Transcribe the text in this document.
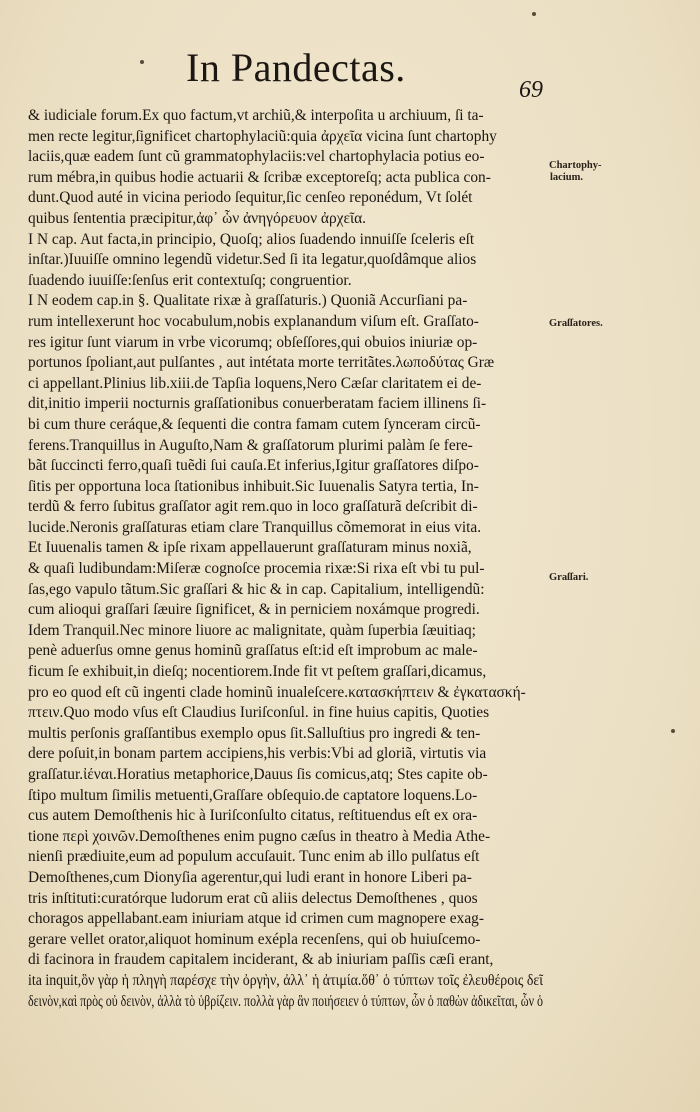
In Pandectas.	69
& iudiciale forum.Ex quo factum,vt archiũ,& interpoſita u archiuum, ſi ta-
men recte legitur,ſignificet chartophylaciũ:quia ἀρχεῖα vicina ſunt chartophy
laciis,quæ eadem ſunt cũ grammatophylaciis:vel chartophylacia potius eo-
rum mébra,in quibus hodie actuarii & ſcribæ exceptoreſq; acta publica con-
dunt.Quod auté in vicina periodo ſequitur,ſic cenſeo reponédum, Vt ſolét
quibus ſententia præcipitur,ἀφ᾽ ὧν ἀνηγόρευον ἀρχεῖα.
I N cap. Aut facta,in principio, Quoſq; alios ſuadendo innuiſſe ſceleris eſt
inſtar.)Iuuiſſe omnino legendũ videtur.Sed ſi ita legatur,quoſdâmque alios
ſuadendo iuuiſſe:ſenſus erit contextuſq; congruentior.
I N eodem cap.in §. Qualitate rixæ à graſſaturis.) Quoniã Accurſiani pa-
rum intellexerunt hoc vocabulum,nobis explanandum viſum eſt. Graſſato-
res igitur ſunt viarum in vrbe vicorumq; obſeſſores,qui obuios iniuriæ op-
portunos ſpoliant,aut pulſantes , aut intétata morte territãtes.λωποδύτας Græ
ci appellant.Plinius lib.xiii.de Tapſia loquens,Nero Cæſar claritatem ei de-
dit,initio imperii nocturnis graſſationibus conuerberatam faciem illinens ſi-
bi cum thure ceráque,& ſequenti die contra famam cutem ſynceram circũ-
ferens.Tranquillus in Auguſto,Nam & graſſatorum plurimi palàm ſe fere-
bãt ſuccincti ferro,quaſi tuẽdi ſui cauſa.Et inferius,Igitur graſſatores diſpo-
ſitis per opportuna loca ſtationibus inhibuit.Sic Iuuenalis Satyra tertia, In-
terdũ & ferro ſubitus graſſator agit rem.quo in loco graſſaturã deſcribit di-
lucide.Neronis graſſaturas etiam clare Tranquillus cõmemorat in eius vita.
Et Iuuenalis tamen & ipſe rixam appellauerunt graſſaturam minus noxiã,
& quaſi ludibundam:Miſeræ cognoſce procemia rixæ:Si rixa eſt vbi tu pul-
ſas,ego vapulo tãtum.Sic graſſari & hic & in cap. Capitalium, intelligendũ:
cum alioqui graſſari ſæuire ſignificet, & in perniciem noxámque progredi.
Idem Tranquil.Nec minore liuore ac malignitate, quàm ſuperbia ſæuitiaq;
penè aduerſus omne genus hominũ graſſatus eſt:id eſt improbum ac male-
ficum ſe exhibuit,in dieſq; nocentiorem.Inde fit vt peſtem graſſari,dicamus,
pro eo quod eſt cũ ingenti clade hominũ inualeſcere.κατασκήπτειν & ἐγκατασκή-
πτειν.Quo modo vſus eſt Claudius Iuriſconſul. in fine huius capitis, Quoties
multis perſonis graſſantibus exemplo opus ſit.Salluſtius pro ingredi & ten-
dere poſuit,in bonam partem accipiens,his verbis:Vbi ad gloriã, virtutis via
graſſatur.ἰέναι.Horatius metaphorice,Dauus ſis comicus,atq; Stes capite ob-
ſtipo multum ſimilis metuenti,Graſſare obſequio.de captatore loquens.Lo-
cus autem Demoſthenis hic à Iuriſconſulto citatus, reſtituendus eſt ex ora-
tione περὶ χοινῶν.Demoſthenes enim pugno cæſus in theatro à Media Athe-
nienſi prædiuite,eum ad populum accuſauit. Tunc enim ab illo pulſatus eſt
Demoſthenes,cum Dionyſia agerentur,qui ludi erant in honore Liberi pa-
tris inſtituti:curatórque ludorum erat cũ aliis delectus Demoſthenes , quos
choragos appellabant.eam iniuriam atque id crimen cum magnopere exag-
gerare vellet orator,aliquot hominum exépla recenſens, qui ob huiuſcemo-
di facinora in fraudem capitalem inciderant, & ab iniuriam paſſis cæſi erant,
ita inquit,ὃν γὰρ ἡ πληγὴ παρέσχε τὴν ὀργὴν, ἀλλ᾽ ἡ ἀτιμία.ὅθ᾽ ὁ τύπτων τοῖς ἐλευθέροις δεῖ
δεινὸν,καὶ πρὸς οὐ δεινὸν, ἀλλὰ τὸ ὑβρίζειν. πολλὰ γὰρ ἂν ποιήσειεν ὁ τύπτων, ὧν ὁ παθὼν ἀδικεῖται, ὧν ὁ
Chartophy-
lacium.
Graſſatores.
Graſſari.
